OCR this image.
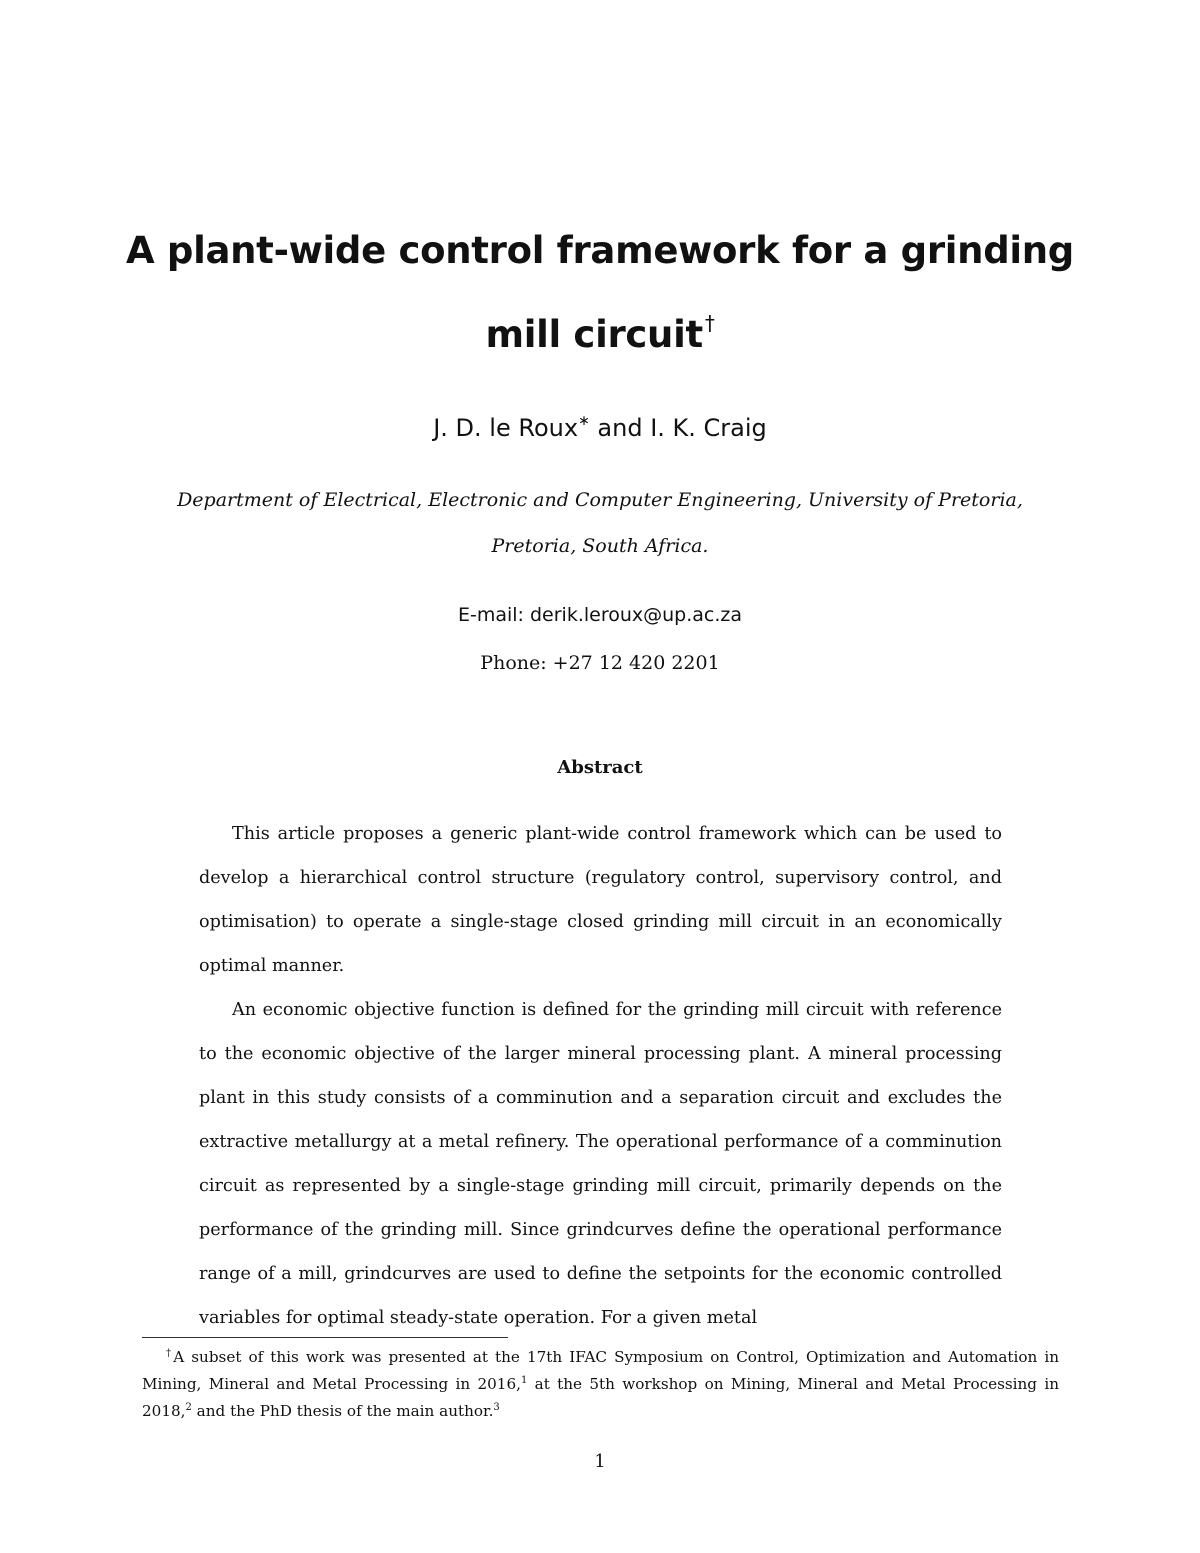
A plant-wide control framework for a grinding
mill circuit †
J. D. le Roux∗ and I. K. Craig
Department of Electrical, Electronic and Computer Engineering, University of Pretoria,
Pretoria, South Africa.
E-mail: derik.leroux@up.ac.za
Phone: +27 12 420 2201
Abstract

This article proposes a generic plant-wide control framework which can be used to develop a hierarchical control structure (regulatory control, supervisory control, and optimisation) to operate a single-stage closed grinding mill circuit in an economically optimal manner.

An economic objective function is defined for the grinding mill circuit with reference to the economic objective of the larger mineral processing plant. A mineral processing plant in this study consists of a comminution and a separation circuit and excludes the extractive metallurgy at a metal refinery. The operational performance of a comminution circuit as represented by a single-stage grinding mill circuit, primarily depends on the performance of the grinding mill. Since grindcurves define the operational performance range of a mill, grindcurves are used to define the setpoints for the economic controlled variables for optimal steady-state operation. For a given metal

†A subset of this work was presented at the 17th IFAC Symposium on Control, Optimization and Automation in Mining, Mineral and Metal Processing in 2016,$^1$ at the 5th workshop on Mining, Mineral and Metal Processing in 2018,$^2$ and the PhD thesis of the main author.$^3$

1
